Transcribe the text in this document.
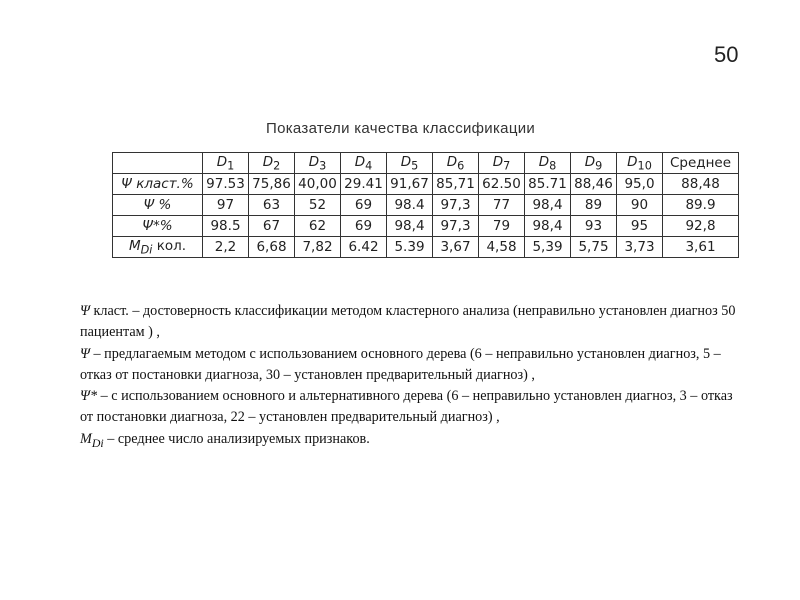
50
Показатели качества классификации
	$D_1$	$D_2$	$D_3$	$D_4$	$D_5$	$D_6$	$D_7$	$D_8$	$D_9$	$D_{10}$	Среднее
Ψ класт.%	97.53	75,86	40,00	29.41	91,67	85,71	62.50	85.71	88,46	95,0	88,48
Ψ %	97	63	52	69	98.4	97,3	77	98,4	89	90	89.9
Ψ*%	98.5	67	62	69	98,4	97,3	79	98,4	93	95	92,8
$M_{Di}$ кол.	2,2	6,68	7,82	6.42	5.39	3,67	4,58	5,39	5,75	3,73	3,61

Ψ класт. – достоверность классификации методом кластерного анализа (неправильно установлен диагноз 50 пациентам ) ,

Ψ – предлагаемым методом с использованием основного дерева (6 – неправильно установлен диагноз, 5 – отказ от постановки диагноза, 30 – установлен предварительный диагноз) ,

Ψ* – с использованием основного и альтернативного дерева (6 – неправильно установлен диагноз, 3 – отказ от постановки диагноза, 22 – установлен предварительный диагноз) ,

$M_{Di}$ – среднее число анализируемых признаков.
